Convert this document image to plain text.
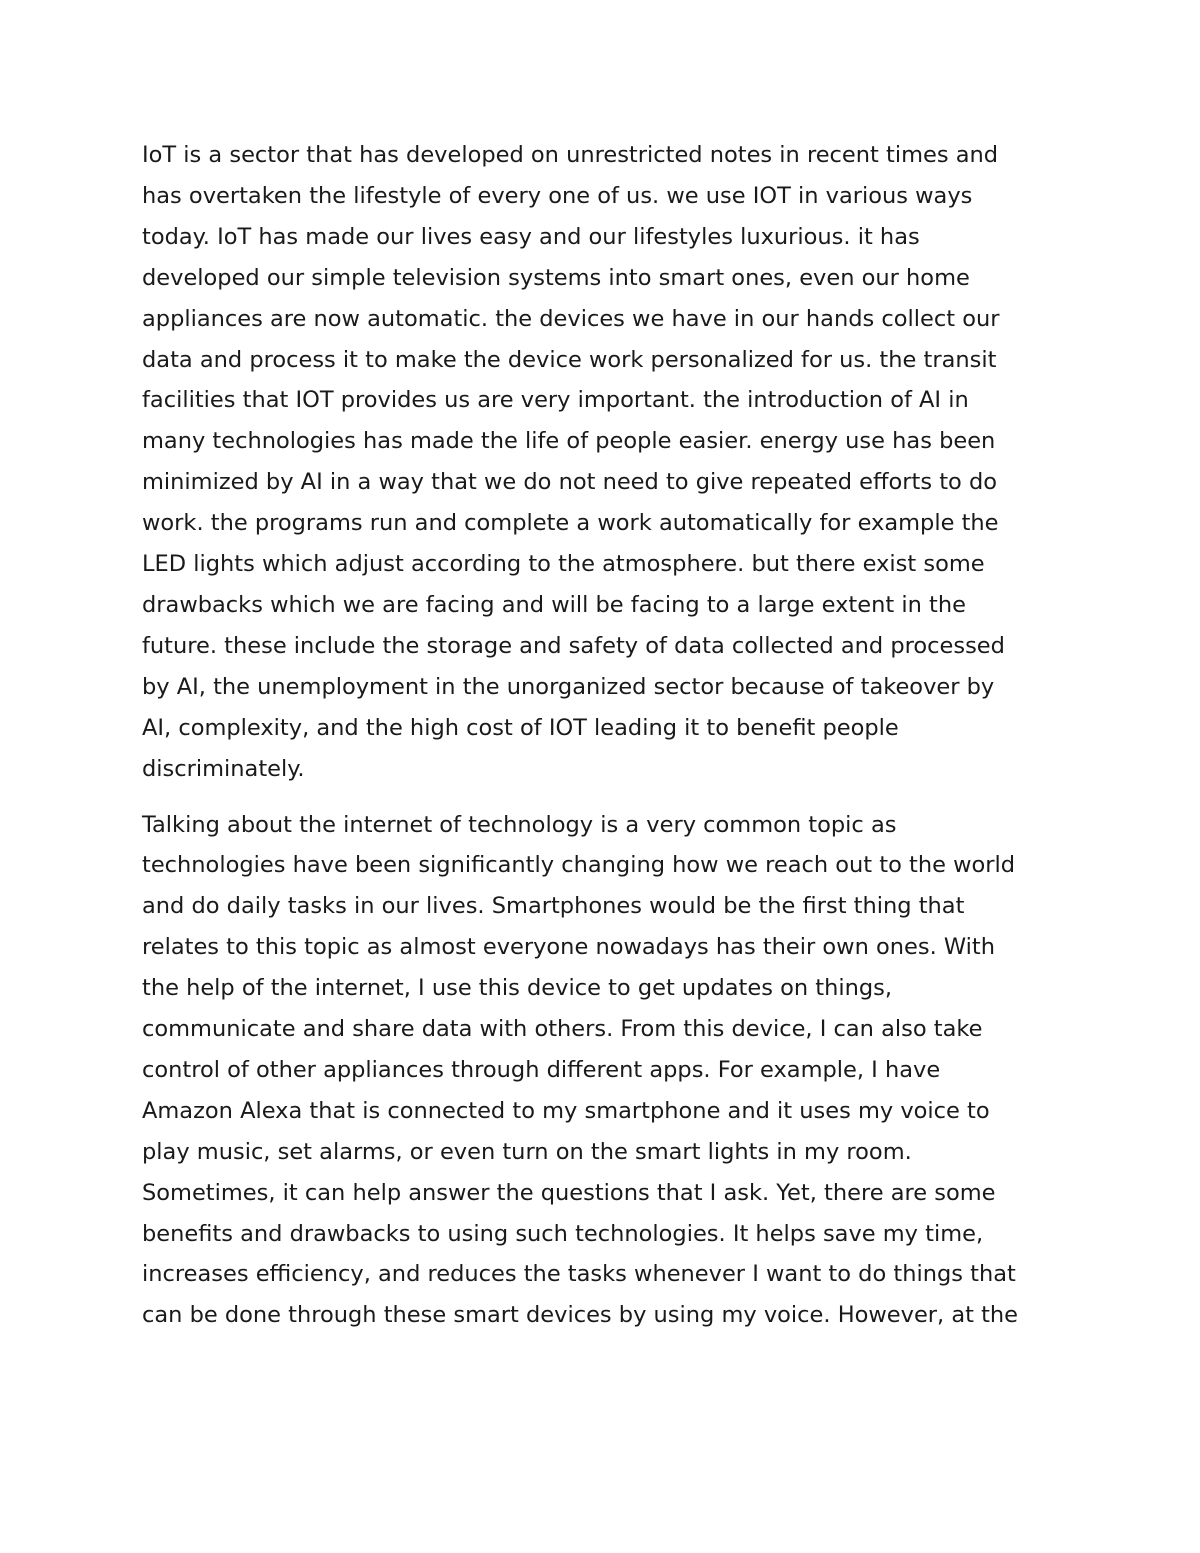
IoT is a sector that has developed on unrestricted notes in recent times and
has overtaken the lifestyle of every one of us. we use IOT in various ways
today. IoT has made our lives easy and our lifestyles luxurious. it has
developed our simple television systems into smart ones, even our home
appliances are now automatic. the devices we have in our hands collect our
data and process it to make the device work personalized for us. the transit
facilities that IOT provides us are very important. the introduction of AI in
many technologies has made the life of people easier. energy use has been
minimized by AI in a way that we do not need to give repeated efforts to do
work. the programs run and complete a work automatically for example the
LED lights which adjust according to the atmosphere. but there exist some
drawbacks which we are facing and will be facing to a large extent in the
future. these include the storage and safety of data collected and processed
by AI, the unemployment in the unorganized sector because of takeover by
AI, complexity, and the high cost of IOT leading it to benefit people
discriminately.

Talking about the internet of technology is a very common topic as
technologies have been significantly changing how we reach out to the world
and do daily tasks in our lives. Smartphones would be the first thing that
relates to this topic as almost everyone nowadays has their own ones. With
the help of the internet, I use this device to get updates on things,
communicate and share data with others. From this device, I can also take
control of other appliances through different apps. For example, I have
Amazon Alexa that is connected to my smartphone and it uses my voice to
play music, set alarms, or even turn on the smart lights in my room.
Sometimes, it can help answer the questions that I ask. Yet, there are some
benefits and drawbacks to using such technologies. It helps save my time,
increases efficiency, and reduces the tasks whenever I want to do things that
can be done through these smart devices by using my voice. However, at the
